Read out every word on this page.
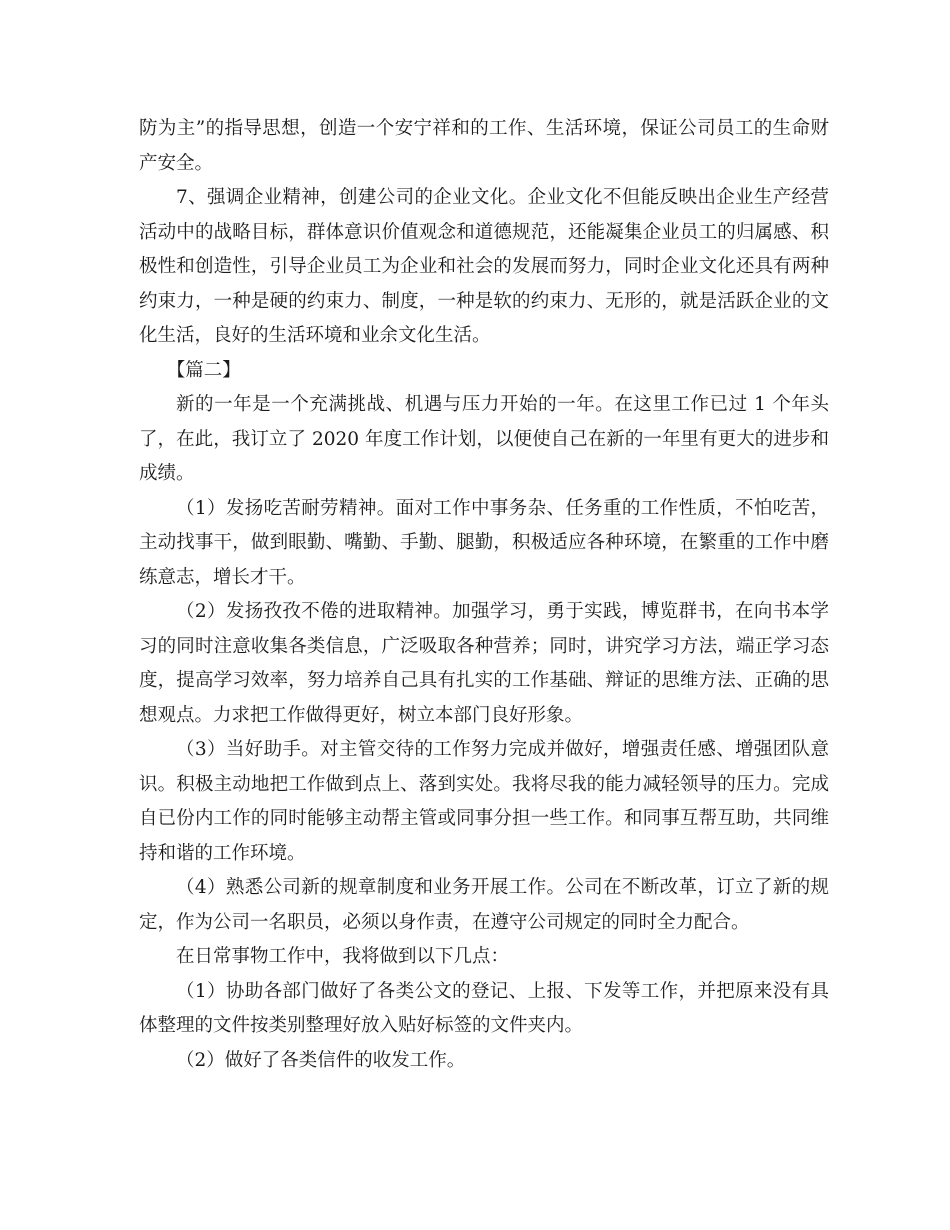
防为主”的指导思想，创造一个安宁祥和的工作、生活环境，保证公司员工的生命财产安全。

7、强调企业精神，创建公司的企业文化。企业文化不但能反映出企业生产经营活动中的战略目标，群体意识价值观念和道德规范，还能凝集企业员工的归属感、积极性和创造性，引导企业员工为企业和社会的发展而努力，同时企业文化还具有两种约束力，一种是硬的约束力、制度，一种是软的约束力、无形的，就是活跃企业的文化生活，良好的生活环境和业余文化生活。

【篇二】

新的一年是一个充满挑战、机遇与压力开始的一年。在这里工作已过 1 个年头了，在此，我订立了 2020 年度工作计划，以便使自己在新的一年里有更大的进步和成绩。

（1）发扬吃苦耐劳精神。面对工作中事务杂、任务重的工作性质，不怕吃苦，主动找事干，做到眼勤、嘴勤、手勤、腿勤，积极适应各种环境，在繁重的工作中磨练意志，增长才干。

（2）发扬孜孜不倦的进取精神。加强学习，勇于实践，博览群书，在向书本学习的同时注意收集各类信息，广泛吸取各种营养；同时，讲究学习方法，端正学习态度，提高学习效率，努力培养自己具有扎实的工作基础、辩证的思维方法、正确的思想观点。力求把工作做得更好，树立本部门良好形象。

（3）当好助手。对主管交待的工作努力完成并做好，增强责任感、增强团队意识。积极主动地把工作做到点上、落到实处。我将尽我的能力减轻领导的压力。完成自已份内工作的同时能够主动帮主管或同事分担一些工作。和同事互帮互助，共同维持和谐的工作环境。

（4）熟悉公司新的规章制度和业务开展工作。公司在不断改革，订立了新的规定，作为公司一名职员，必须以身作责，在遵守公司规定的同时全力配合。

在日常事物工作中，我将做到以下几点：

（1）协助各部门做好了各类公文的登记、上报、下发等工作，并把原来没有具体整理的文件按类别整理好放入贴好标签的文件夹内。

（2）做好了各类信件的收发工作。
